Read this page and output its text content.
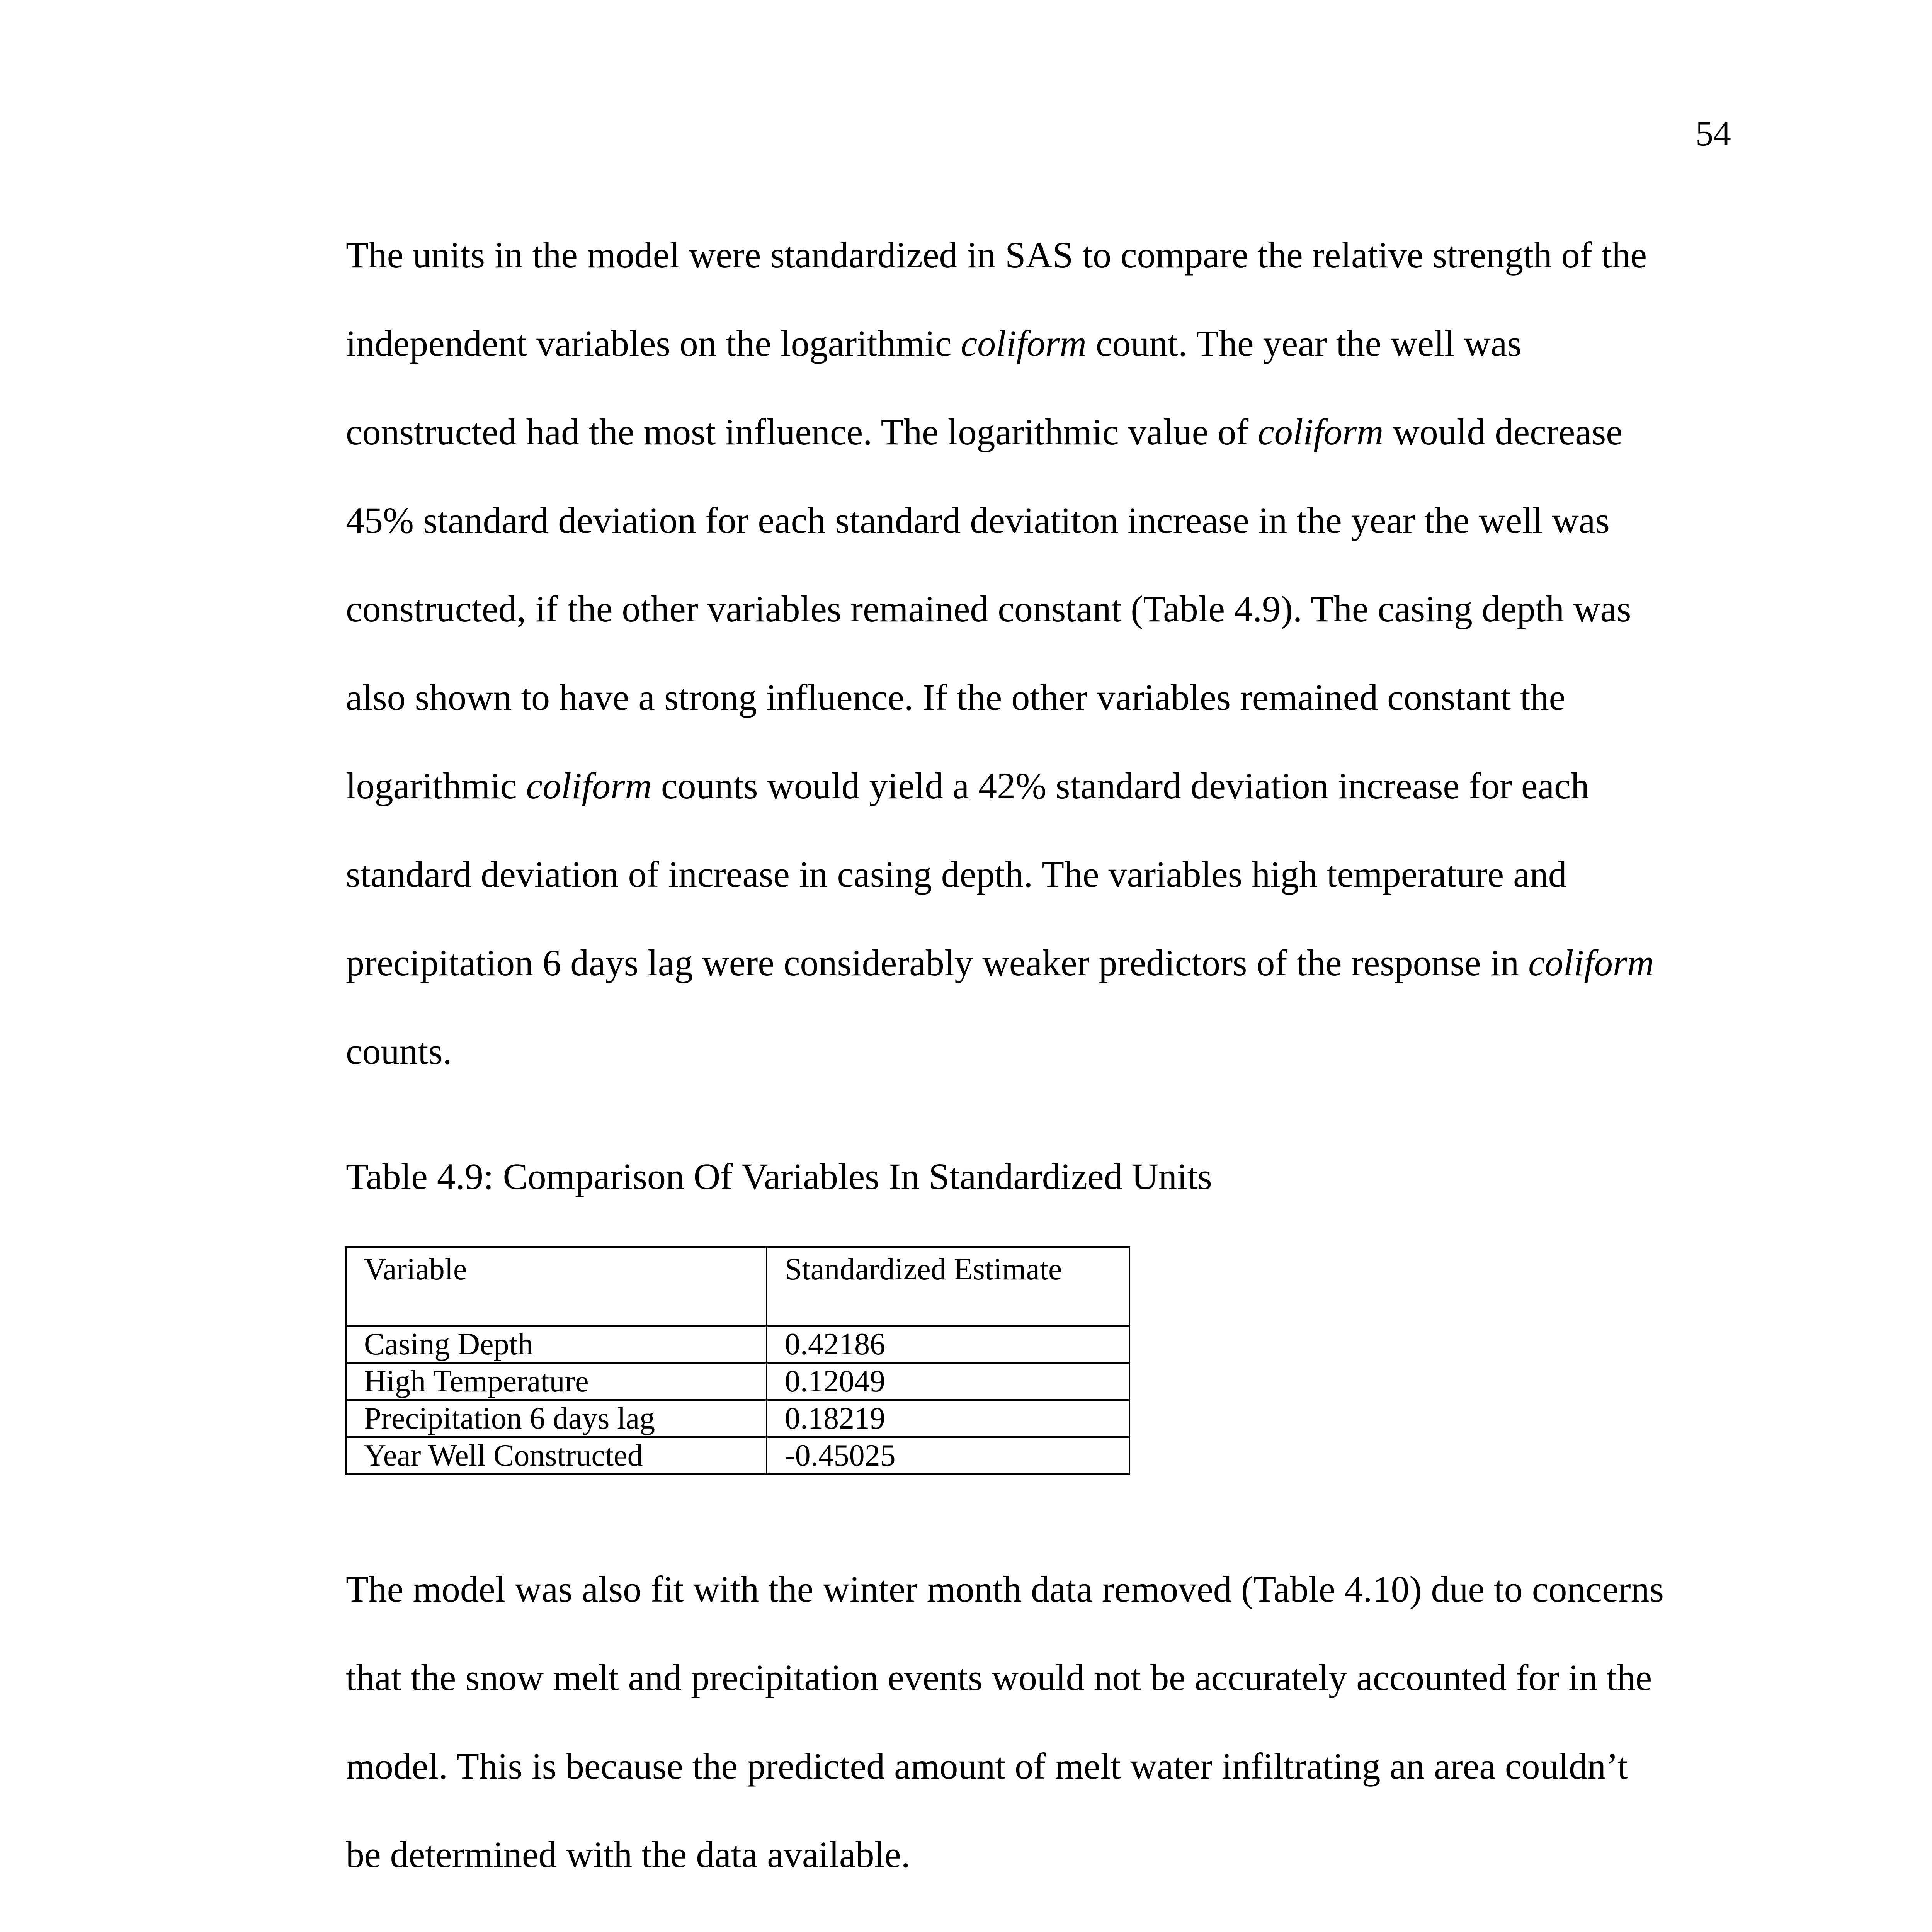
54
The units in the model were standardized in SAS to compare the relative strength of the
independent variables on the logarithmic coliform count. The year the well was
constructed had the most influence. The logarithmic value of coliform would decrease
45% standard deviation for each standard deviatiton increase in the year the well was
constructed, if the other variables remained constant (Table 4.9). The casing depth was
also shown to have a strong influence. If the other variables remained constant the
logarithmic coliform counts would yield a 42% standard deviation increase for each
standard deviation of increase in casing depth. The variables high temperature and
precipitation 6 days lag were considerably weaker predictors of the response in coliform
counts.
Table 4.9: Comparison Of Variables In Standardized Units
Variable	Standardized Estimate
Casing Depth	0.42186
High Temperature	0.12049
Precipitation 6 days lag	0.18219
Year Well Constructed	-0.45025
The model was also fit with the winter month data removed (Table 4.10) due to concerns
that the snow melt and precipitation events would not be accurately accounted for in the
model. This is because the predicted amount of melt water infiltrating an area couldn’t
be determined with the data available.
